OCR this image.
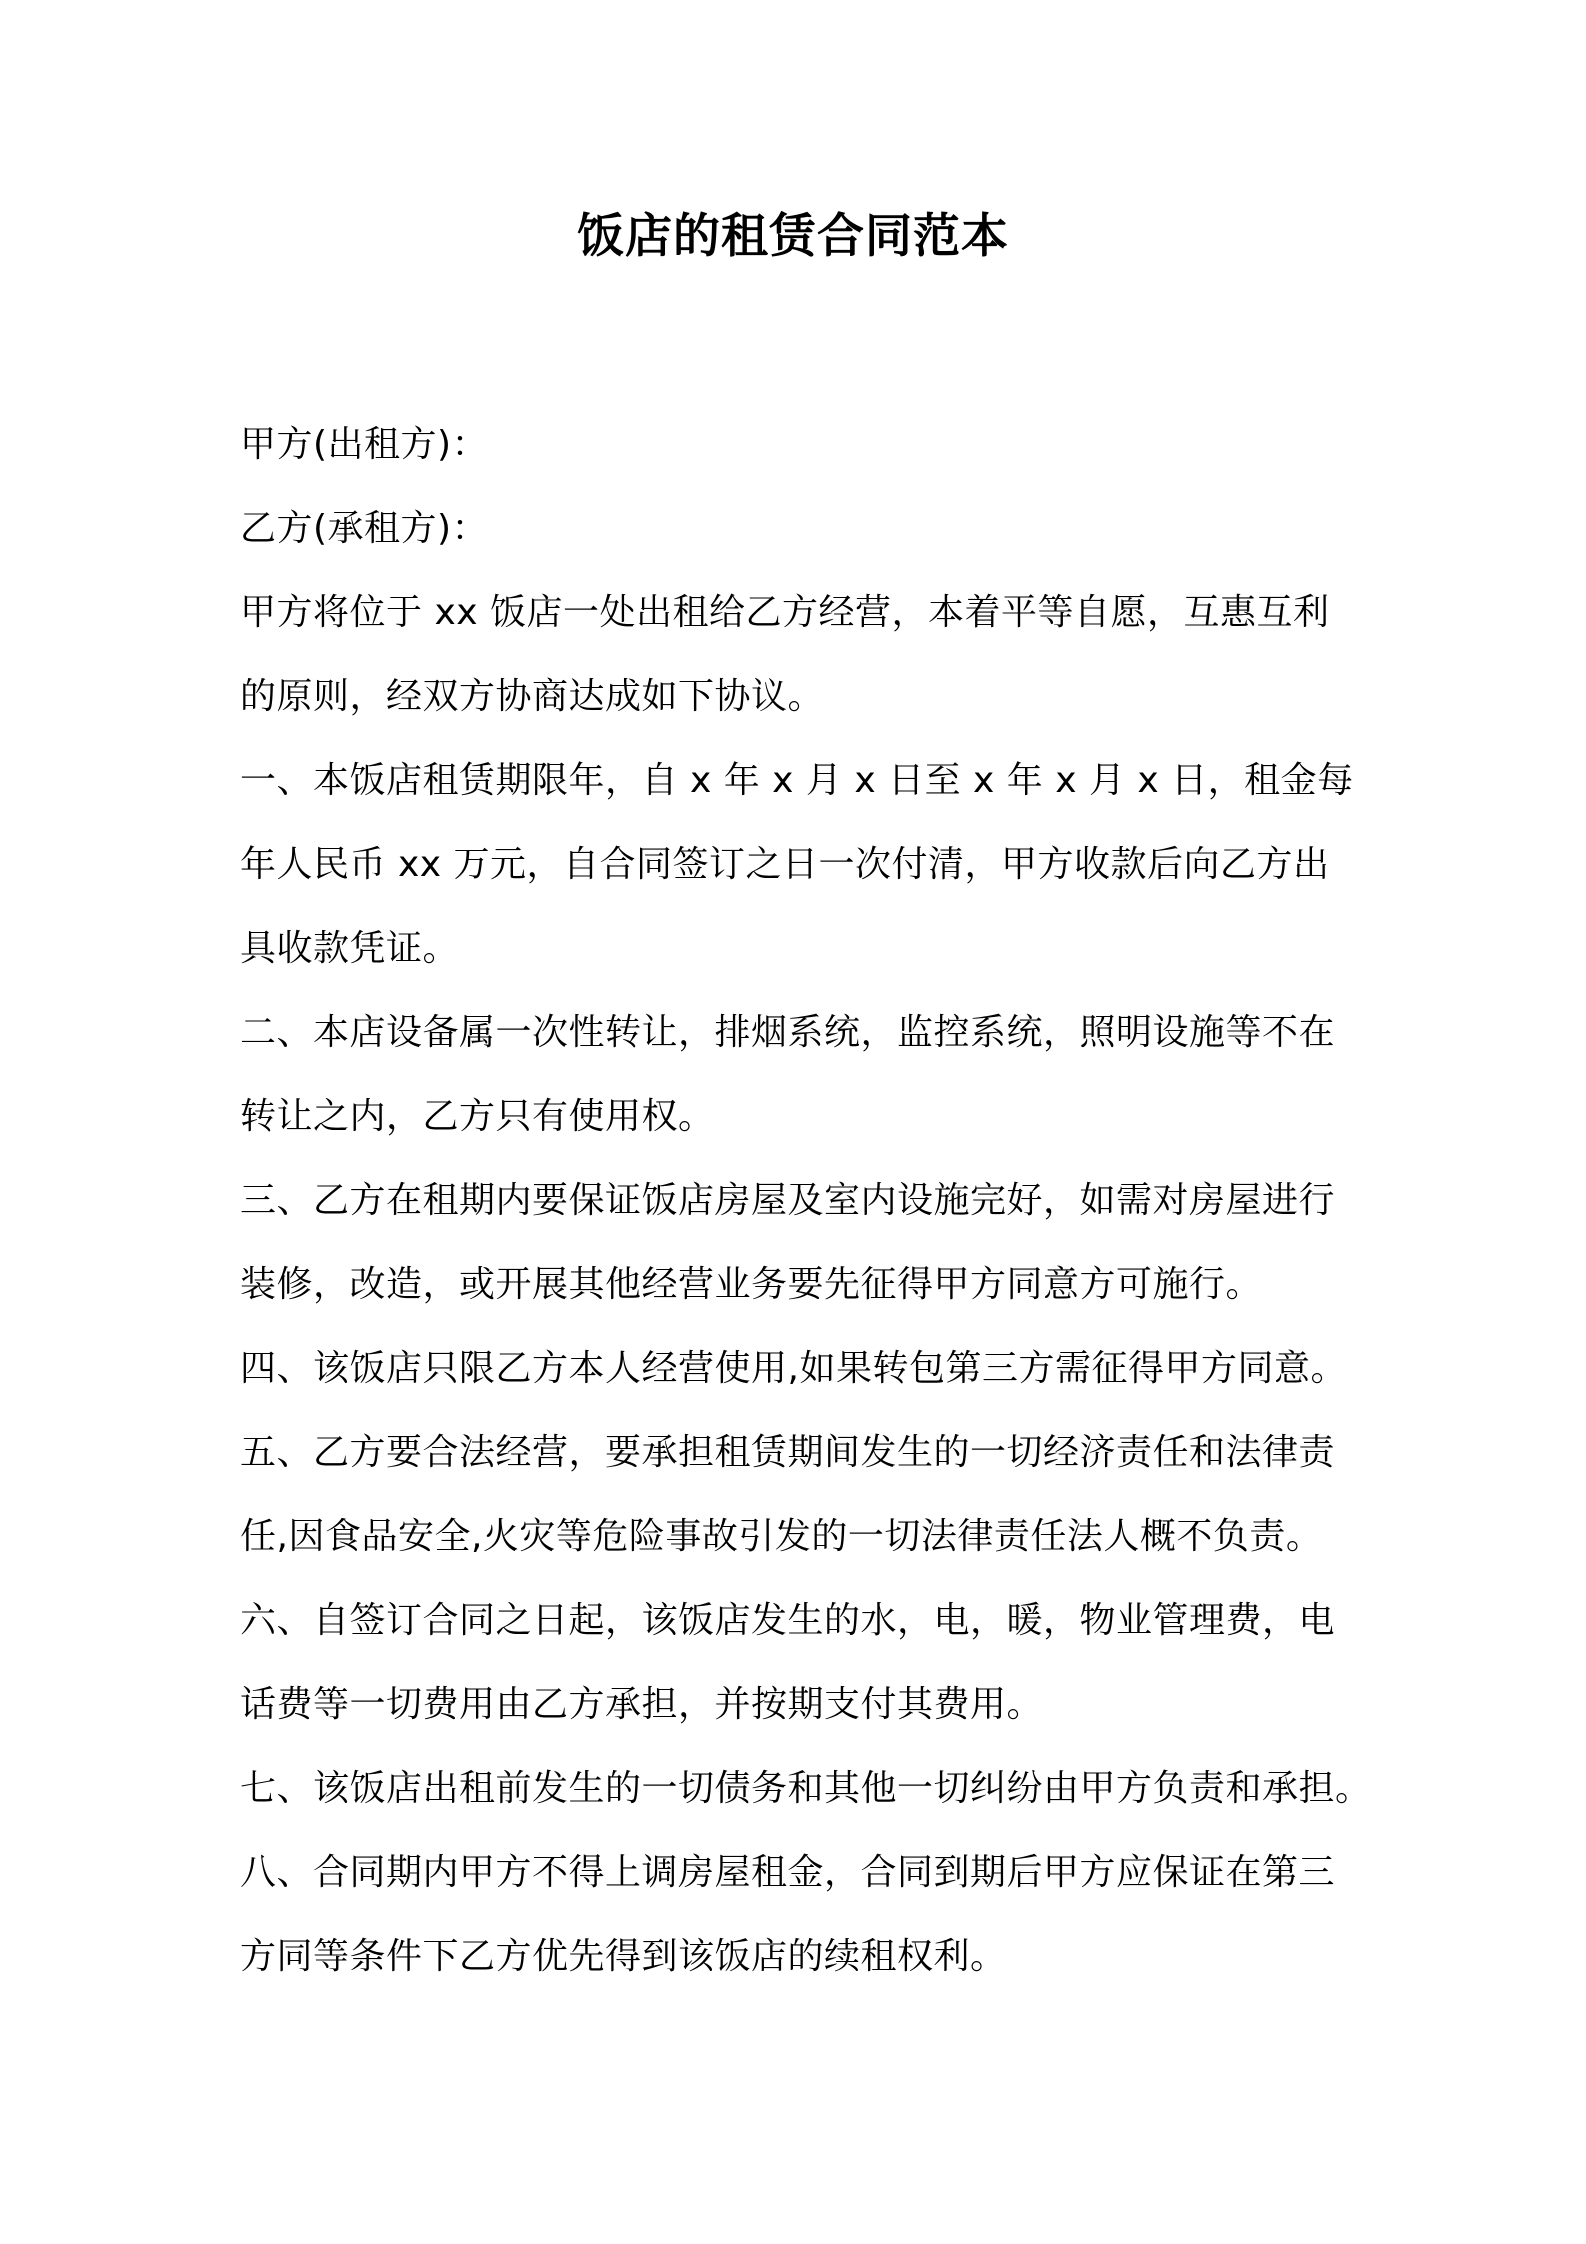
饭店的租赁合同范本
甲方(出租方)：
乙方(承租方)：
甲方将位于 xx 饭店一处出租给乙方经营，本着平等自愿，互惠互利
的原则，经双方协商达成如下协议。
一、本饭店租赁期限年，自 x 年 x 月 x 日至 x 年 x 月 x 日，租金每
年人民币 xx 万元，自合同签订之日一次付清，甲方收款后向乙方出
具收款凭证。
二、本店设备属一次性转让，排烟系统，监控系统，照明设施等不在
转让之内，乙方只有使用权。
三、乙方在租期内要保证饭店房屋及室内设施完好，如需对房屋进行
装修，改造，或开展其他经营业务要先征得甲方同意方可施行。
四、该饭店只限乙方本人经营使用,如果转包第三方需征得甲方同意。
五、乙方要合法经营，要承担租赁期间发生的一切经济责任和法律责
任,因食品安全,火灾等危险事故引发的一切法律责任法人概不负责。
六、自签订合同之日起，该饭店发生的水，电，暖，物业管理费，电
话费等一切费用由乙方承担，并按期支付其费用。
七、该饭店出租前发生的一切债务和其他一切纠纷由甲方负责和承担。
八、合同期内甲方不得上调房屋租金，合同到期后甲方应保证在第三
方同等条件下乙方优先得到该饭店的续租权利。
